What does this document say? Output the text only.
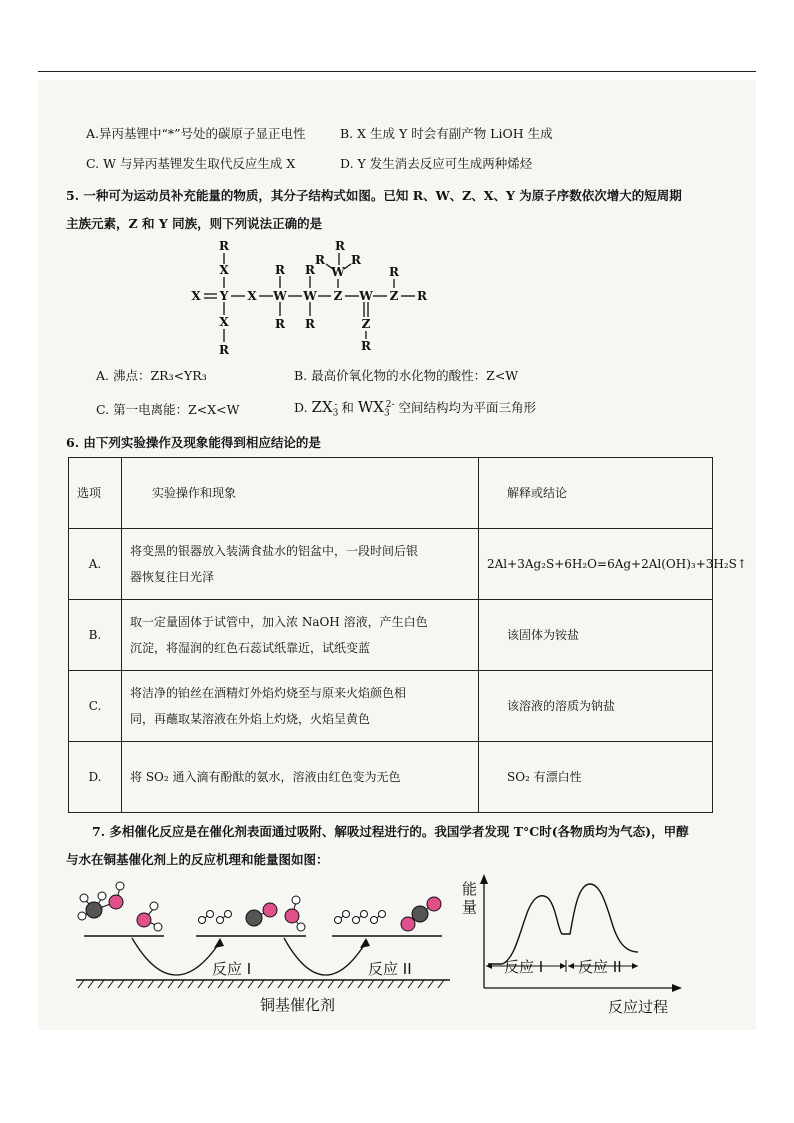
A.异丙基锂中“*”号处的碳原子显正电性	B. X 生成 Y 时会有副产物 LiOH 生成
C. W 与异丙基锂发生取代反应生成 X	D. Y 发生消去反应可生成两种烯烃
5. 一种可为运动员补充能量的物质，其分子结构式如图。已知 R、W、Z、X、Y 为原子序数依次增大的短周期
主族元素，Z 和 Y 同族，则下列说法正确的是
X Y X W W Z W Z R
X
R
X
R
R
R
R
R
W
R
R
R
Z
R
R
A. 沸点：ZR₃<YR₃	B. 最高价氧化物的水化物的酸性：Z<W
C. 第一电离能：Z<X<W	D. $ZX_3^-$ 和 $WX_3^{2-}$ 空间结构均为平面三角形
6. 由下列实验操作及现象能得到相应结论的是
选项	实验操作和现象	解释或结论
A.	将变黑的银器放入装满食盐水的铝盆中，一段时间后银
器恢复往日光泽	2Al+3Ag₂S+6H₂O=6Ag+2Al(OH)₃+3H₂S↑
B.	取一定量固体于试管中，加入浓 NaOH 溶液，产生白色
沉淀，将湿润的红色石蕊试纸靠近，试纸变蓝	该固体为铵盐
C.	将洁净的铂丝在酒精灯外焰灼烧至与原来火焰颜色相
同，再蘸取某溶液在外焰上灼烧，火焰呈黄色	该溶液的溶质为钠盐
D.	将 SO₂ 通入滴有酚酞的氨水，溶液由红色变为无色	SO₂ 有漂白性
7. 多相催化反应是在催化剂表面通过吸附、解吸过程进行的。我国学者发现 T°C时(各物质均为气态)，甲醇
与水在铜基催化剂上的反应机理和能量图如图：
反应 I	反应 II
铜基催化剂
能
量
反应 I 反应 II
反应过程
